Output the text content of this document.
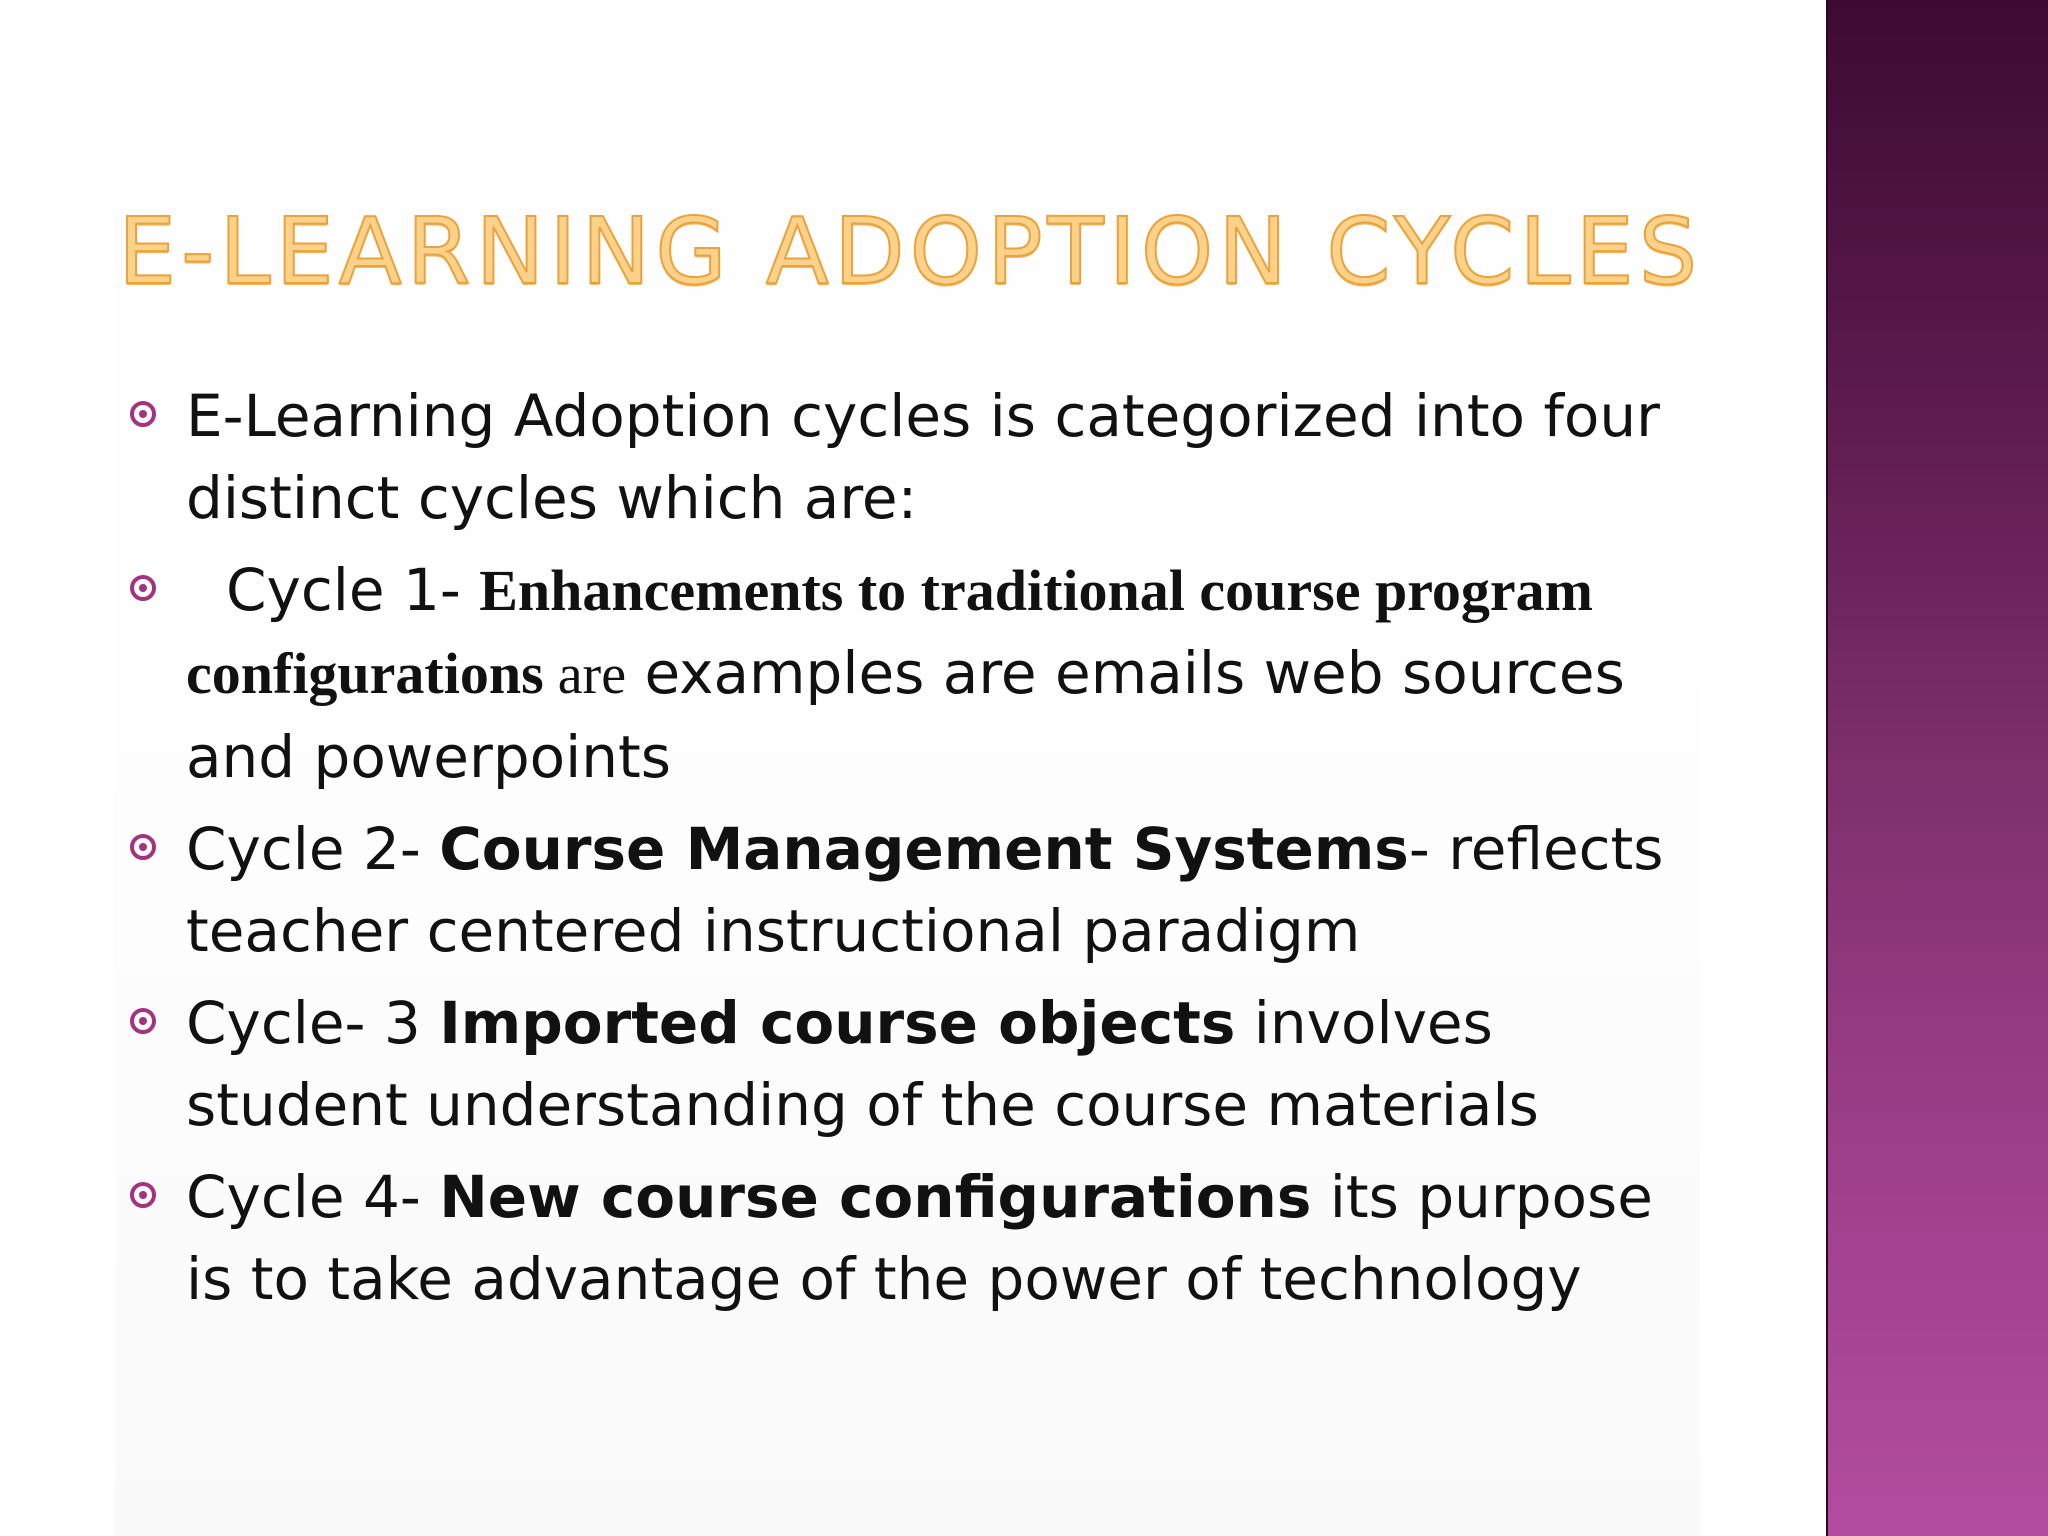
E-LEARNING ADOPTION CYCLES
E-Learning Adoption cycles is categorized into four distinct cycles which are:
Cycle 1- Enhancements to traditional course program configurations are examples are emails web sources and powerpoints
Cycle 2- Course Management Systems- reflects teacher centered instructional paradigm
Cycle- 3 Imported course objects involves student understanding of the course materials
Cycle 4- New course configurations its purpose is to take advantage of the power of technology
